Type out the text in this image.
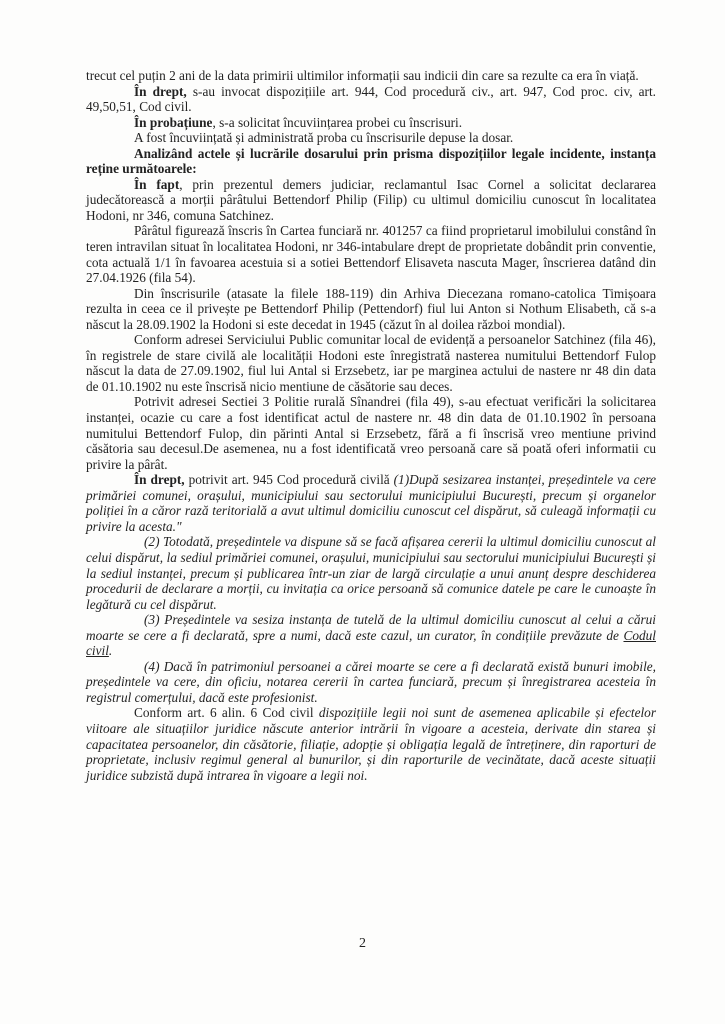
trecut cel puțin 2 ani de la data primirii ultimilor informații sau indicii din care sa rezulte ca era în viață.

În drept, s-au invocat dispozițiile art. 944, Cod procedură civ., art. 947, Cod proc. civ, art. 49,50,51, Cod civil.

În probațiune, s-a solicitat încuviințarea probei cu înscrisuri.

A fost încuviințată și administrată proba cu înscrisurile depuse la dosar.

Analizând actele și lucrările dosarului prin prisma dispozițiilor legale incidente, instanța reține următoarele:

În fapt, prin prezentul demers judiciar, reclamantul Isac Cornel a solicitat declararea judecătorească a morții pârâtului Bettendorf Philip (Filip) cu ultimul domiciliu cunoscut în localitatea Hodoni, nr 346, comuna Satchinez.

Pârâtul figurează înscris în Cartea funciară nr. 401257 ca fiind proprietarul imobilului constând în teren intravilan situat în localitatea Hodoni, nr 346-intabulare drept de proprietate dobândit prin conventie, cota actuală 1/1 în favoarea acestuia si a sotiei Bettendorf Elisaveta nascuta Mager, înscrierea datând din 27.04.1926 (fila 54).

Din înscrisurile (atasate la filele 188-119) din Arhiva Diecezana romano-catolica Timișoara rezulta in ceea ce il privește pe Bettendorf Philip (Pettendorf) fiul lui Anton si Nothum Elisabeth, că s-a născut la 28.09.1902 la Hodoni si este decedat in 1945 (căzut în al doilea război mondial).

Conform adresei Serviciului Public comunitar local de evidență a persoanelor Satchinez (fila 46), în registrele de stare civilă ale localității Hodoni este înregistrată nasterea numitului Bettendorf Fulop născut la data de 27.09.1902, fiul lui Antal si Erzsebetz, iar pe marginea actului de nastere nr 48 din data de 01.10.1902 nu este înscrisă nicio mentiune de căsătorie sau deces.

Potrivit adresei Sectiei 3 Politie rurală Sînandrei (fila 49), s-au efectuat verificări la solicitarea instanței, ocazie cu care a fost identificat actul de nastere nr. 48 din data de 01.10.1902 în persoana numitului Bettendorf Fulop, din părinti Antal si Erzsebetz, fără a fi înscrisă vreo mentiune privind căsătoria sau decesul.De asemenea, nu a fost identificată vreo persoană care să poată oferi informatii cu privire la pârât.

În drept, potrivit art. 945 Cod procedură civilă (1)După sesizarea instanței, președintele va cere primăriei comunei, orașului, municipiului sau sectorului municipiului București, precum și organelor poliției în a căror rază teritorială a avut ultimul domiciliu cunoscut cel dispărut, să culeagă informații cu privire la acesta."

(2) Totodată, președintele va dispune să se facă afișarea cererii la ultimul domiciliu cunoscut al celui dispărut, la sediul primăriei comunei, orașului, municipiului sau sectorului municipiului București și la sediul instanței, precum și publicarea într-un ziar de largă circulație a unui anunț despre deschiderea procedurii de declarare a morții, cu invitația ca orice persoană să comunice datele pe care le cunoaște în legătură cu cel dispărut.

(3) Președintele va sesiza instanța de tutelă de la ultimul domiciliu cunoscut al celui a cărui moarte se cere a fi declarată, spre a numi, dacă este cazul, un curator, în condițiile prevăzute de Codul civil.

(4) Dacă în patrimoniul persoanei a cărei moarte se cere a fi declarată există bunuri imobile, președintele va cere, din oficiu, notarea cererii în cartea funciară, precum și înregistrarea acesteia în registrul comerțului, dacă este profesionist.

Conform art. 6 alin. 6 Cod civil dispozițiile legii noi sunt de asemenea aplicabile și efectelor viitoare ale situațiilor juridice născute anterior intrării în vigoare a acesteia, derivate din starea și capacitatea persoanelor, din căsătorie, filiație, adopție și obligația legală de întreținere, din raporturi de proprietate, inclusiv regimul general al bunurilor, și din raporturile de vecinătate, dacă aceste situații juridice subzistă după intrarea în vigoare a legii noi.

2
